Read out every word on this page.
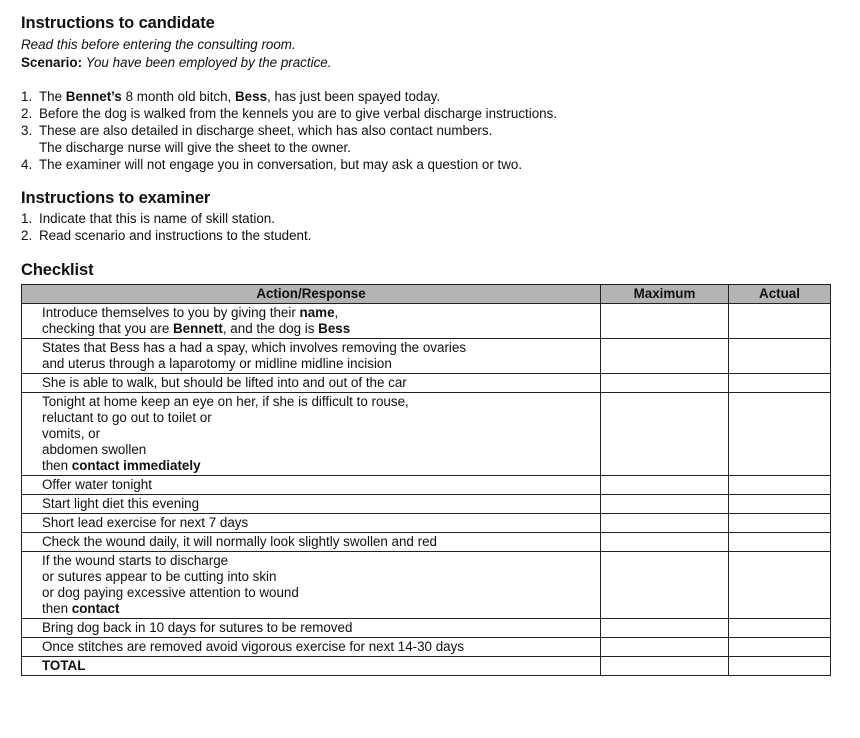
Instructions to candidate
Read this before entering the consulting room.
Scenario: You have been employed by the practice.
1. The Bennet’s 8 month old bitch, Bess, has just been spayed today.
2. Before the dog is walked from the kennels you are to give verbal discharge instructions.
3. These are also detailed in discharge sheet, which has also contact numbers.
The discharge nurse will give the sheet to the owner.
4. The examiner will not engage you in conversation, but may ask a question or two.
Instructions to examiner
1. Indicate that this is name of skill station.
2. Read scenario and instructions to the student.
Checklist
Action/Response	Maximum	Actual

Introduce themselves to you by giving their name,
checking that you are Bennett, and the dog is Bess		

States that Bess has a had a spay, which involves removing the ovaries
and uterus through a laparotomy or midline midline incision		

She is able to walk, but should be lifted into and out of the car		

Tonight at home keep an eye on her, if she is difficult to rouse,
reluctant to go out to toilet or
vomits, or
abdomen swollen
then contact immediately		

Offer water tonight		
Start light diet this evening		
Short lead exercise for next 7 days		
Check the wound daily, it will normally look slightly swollen and red		

If the wound starts to discharge
or sutures appear to be cutting into skin
or dog paying excessive attention to wound
then contact		

Bring dog back in 10 days for sutures to be removed		
Once stitches are removed avoid vigorous exercise for next 14-30 days		
TOTAL		
